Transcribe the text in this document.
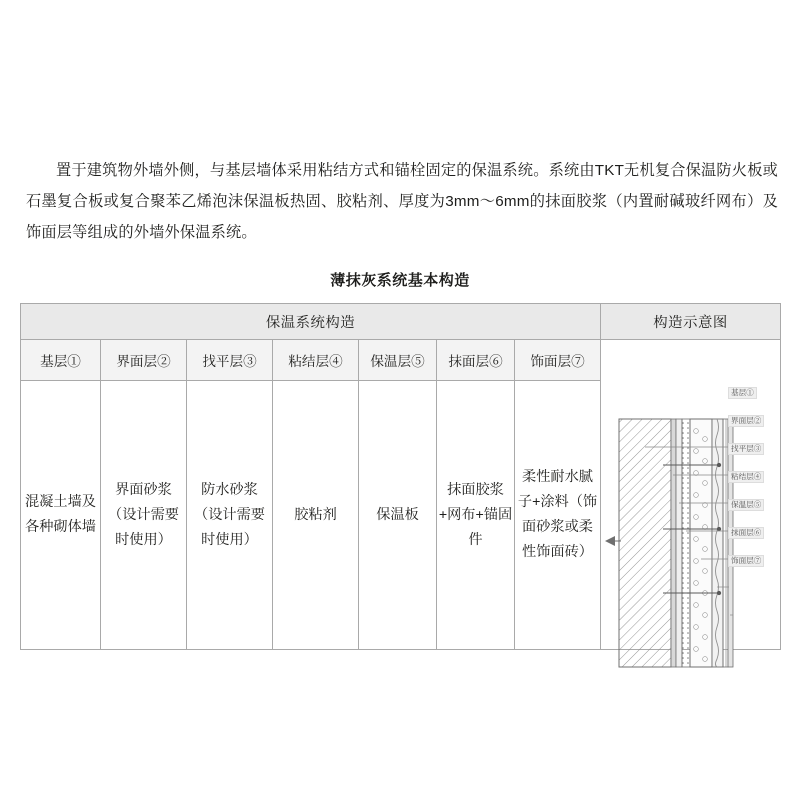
置于建筑物外墙外侧，与基层墙体采用粘结方式和锚栓固定的保温系统。系统由TKT无机复合保温防火板或石墨复合板或复合聚苯乙烯泡沫保温板热固、胶粘剂、厚度为3mm～6mm的抹面胶浆（内置耐碱玻纤网布）及饰面层等组成的外墙外保温系统。

薄抹灰系统基本构造
保温系统构造							构造示意图
基层①	界面层②	找平层③	粘结层④	保温层⑤	抹面层⑥	饰面层⑦	
基层①
界面层②
找平层③
粘结层④
保温层⑤
抹面层⑥
饰面层⑦

混凝土墙及各种砌体墙	界面砂浆（设计需要时使用）	防水砂浆（设计需要时使用）	胶粘剂	保温板	抹面胶浆+网布+锚固件	柔性耐水腻子+涂料（饰面砂浆或柔性饰面砖）	
